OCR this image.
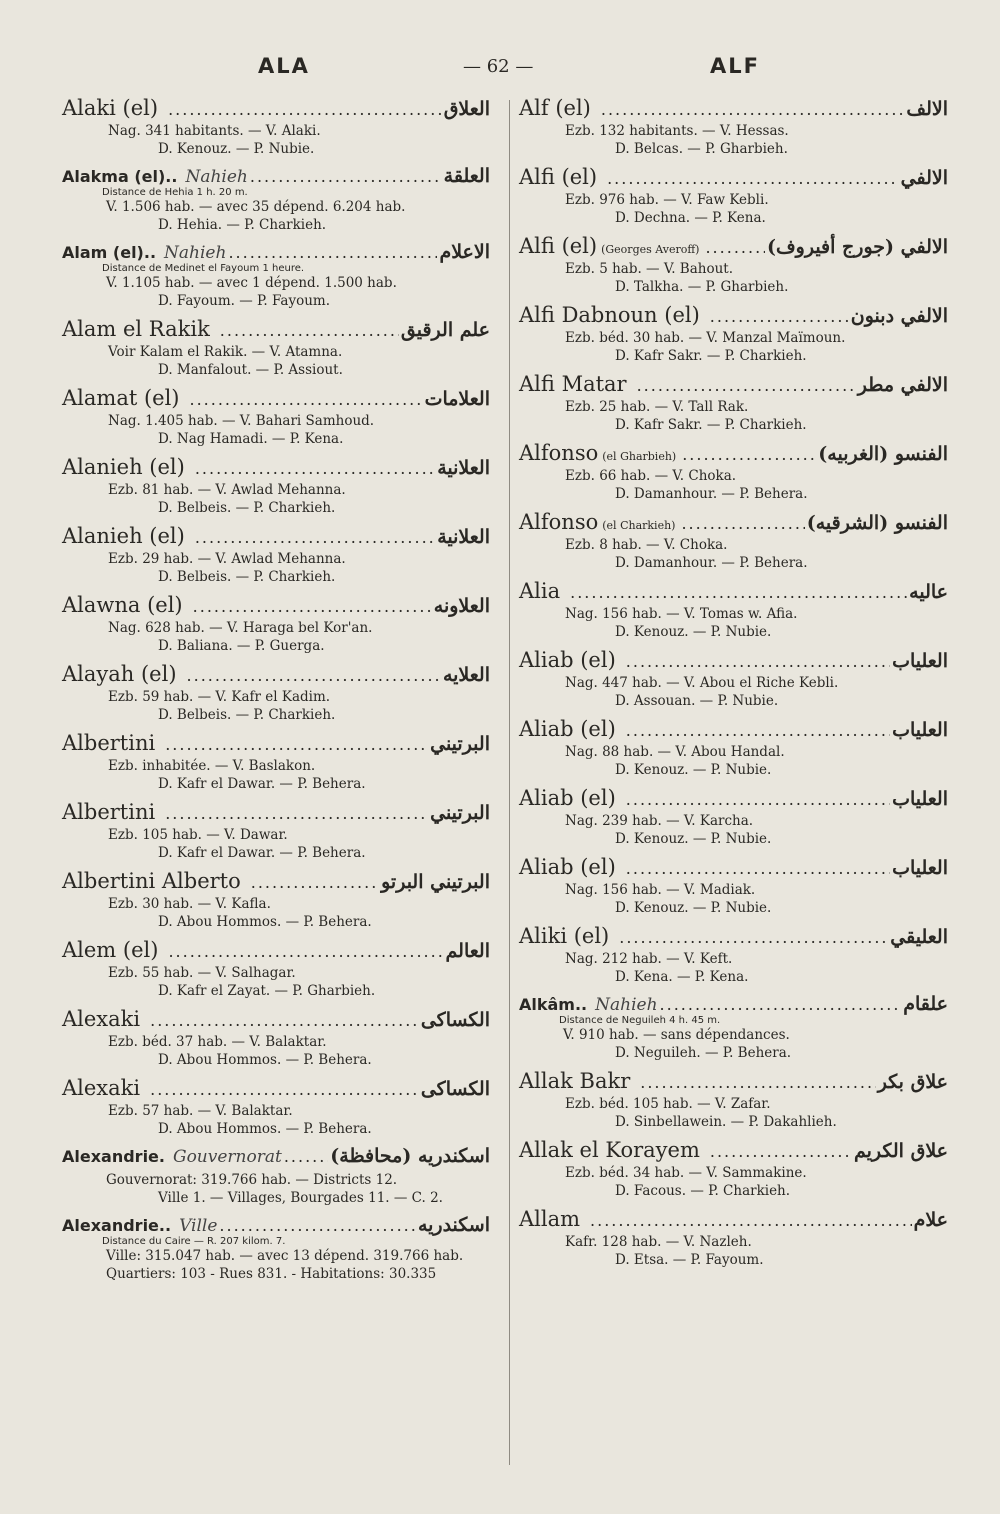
ALA	— 62 —	ALF
Alaki (el) .....	العلاق
Nag. 341 habitants. — V. Alaki.
D. Kenouz. — P. Nubie.
Alakma (el).. Nahieh .....	العلقة
Distance de Hehia 1 h. 20 m.
V. 1.506 hab. — avec 35 dépend. 6.204 hab.
D. Hehia. — P. Charkieh.
Alam (el).. Nahieh .....	الاعلام
Distance de Medinet el Fayoum 1 heure.
V. 1.105 hab. — avec 1 dépend. 1.500 hab.
D. Fayoum. — P. Fayoum.
Alam el Rakik .....	علم الرقيق
Voir Kalam el Rakik. — V. Atamna.
D. Manfalout. — P. Assiout.
Alamat (el) .....	العلامات
Nag. 1.405 hab. — V. Bahari Samhoud.
D. Nag Hamadi. — P. Kena.
Alanieh (el) .....	العلانية
Ezb. 81 hab. — V. Awlad Mehanna.
D. Belbeis. — P. Charkieh.
Alanieh (el) .....	العلانية
Ezb. 29 hab. — V. Awlad Mehanna.
D. Belbeis. — P. Charkieh.
Alawna (el) .....	العلاونه
Nag. 628 hab. — V. Haraga bel Kor'an.
D. Baliana. — P. Guerga.
Alayah (el) .....	العلايه
Ezb. 59 hab. — V. Kafr el Kadim.
D. Belbeis. — P. Charkieh.
Albertini .....	البرتيني
Ezb. inhabitée. — V. Baslakon.
D. Kafr el Dawar. — P. Behera.
Albertini .....	البرتيني
Ezb. 105 hab. — V. Dawar.
D. Kafr el Dawar. — P. Behera.
Albertini Alberto .....	البرتيني البرتو
Ezb. 30 hab. — V. Kafla.
D. Abou Hommos. — P. Behera.
Alem (el) .....	العالم
Ezb. 55 hab. — V. Salhagar.
D. Kafr el Zayat. — P. Gharbieh.
Alexaki .....	الكساكى
Ezb. béd. 37 hab. — V. Balaktar.
D. Abou Hommos. — P. Behera.
Alexaki .....	الكساكى
Ezb. 57 hab. — V. Balaktar.
D. Abou Hommos. — P. Behera.
Alexandrie. Gouvernorat .....	اسكندريه (محافظة)
Gouvernorat: 319.766 hab. — Districts 12.
Ville 1. — Villages, Bourgades 11. — C. 2.
Alexandrie.. Ville .....	اسكندريه
Distance du Caire — R. 207 kilom. 7.
Ville: 315.047 hab. — avec 13 dépend. 319.766 hab.
Quartiers: 103 - Rues 831. - Habitations: 30.335
Alf (el) .....	الالف
Ezb. 132 habitants. — V. Hessas.
D. Belcas. — P. Gharbieh.
Alfi (el) .....	الالفي
Ezb. 976 hab. — V. Faw Kebli.
D. Dechna. — P. Kena.
Alfi (el) (Georges Averoff) .....	الالفي (جورج أفيروف)
Ezb. 5 hab. — V. Bahout.
D. Talkha. — P. Gharbieh.
Alfi Dabnoun (el) .....	الالفي دبنون
Ezb. béd. 30 hab. — V. Manzal Maïmoun.
D. Kafr Sakr. — P. Charkieh.
Alfi Matar .....	الالفي مطر
Ezb. 25 hab. — V. Tall Rak.
D. Kafr Sakr. — P. Charkieh.
Alfonso (el Gharbieh) .....	الفنسو (الغربيه)
Ezb. 66 hab. — V. Choka.
D. Damanhour. — P. Behera.
Alfonso (el Charkieh) .....	الفنسو (الشرقيه)
Ezb. 8 hab. — V. Choka.
D. Damanhour. — P. Behera.
Alia .....	عاليه
Nag. 156 hab. — V. Tomas w. Afia.
D. Kenouz. — P. Nubie.
Aliab (el) .....	العلياب
Nag. 447 hab. — V. Abou el Riche Kebli.
D. Assouan. — P. Nubie.
Aliab (el) .....	العلياب
Nag. 88 hab. — V. Abou Handal.
D. Kenouz. — P. Nubie.
Aliab (el) .....	العلياب
Nag. 239 hab. — V. Karcha.
D. Kenouz. — P. Nubie.
Aliab (el) .....	العلياب
Nag. 156 hab. — V. Madiak.
D. Kenouz. — P. Nubie.
Aliki (el) .....	العليقي
Nag. 212 hab. — V. Keft.
D. Kena. — P. Kena.
Alkâm.. Nahieh .....	علقام
Distance de Neguileh 4 h. 45 m.
V. 910 hab. — sans dépendances.
D. Neguileh. — P. Behera.
Allak Bakr .....	علاق بكر
Ezb. béd. 105 hab. — V. Zafar.
D. Sinbellawein. — P. Dakahlieh.
Allak el Korayem .....	علاق الكريم
Ezb. béd. 34 hab. — V. Sammakine.
D. Facous. — P. Charkieh.
Allam .....	علام
Kafr. 128 hab. — V. Nazleh.
D. Etsa. — P. Fayoum.
